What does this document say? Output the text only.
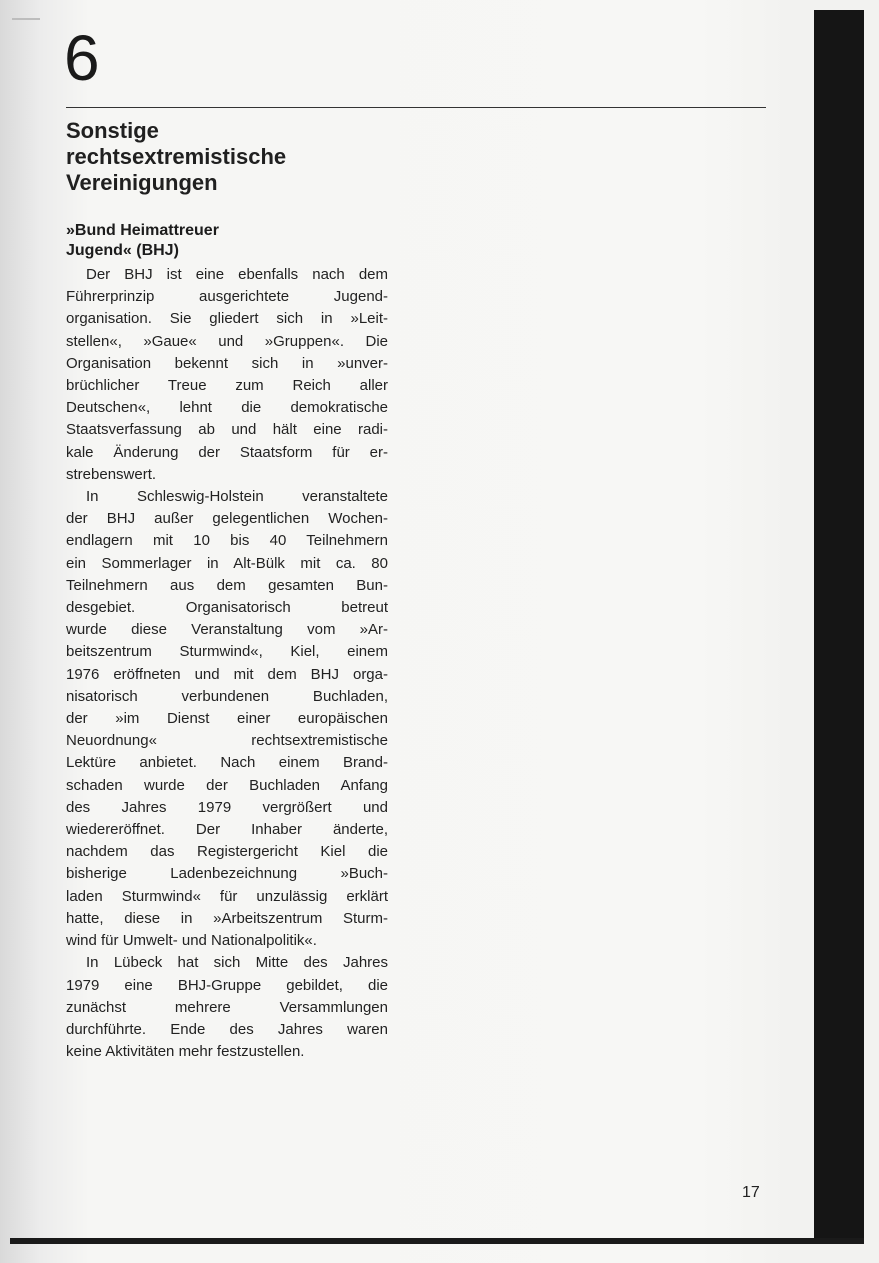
6
Sonstige
rechtsextremistische
Vereinigungen
»Bund Heimattreuer
Jugend« (BHJ)

Der BHJ ist eine ebenfalls nach dem
Führerprinzip ausgerichtete Jugend-
organisation. Sie gliedert sich in »Leit-
stellen«, »Gaue« und »Gruppen«. Die
Organisation bekennt sich in »unver-
brüchlicher Treue zum Reich aller
Deutschen«, lehnt die demokratische
Staatsverfassung ab und hält eine radi-
kale Änderung der Staatsform für er-
strebenswert.

In Schleswig-Holstein veranstaltete
der BHJ außer gelegentlichen Wochen-
endlagern mit 10 bis 40 Teilnehmern
ein Sommerlager in Alt-Bülk mit ca. 80
Teilnehmern aus dem gesamten Bun-
desgebiet. Organisatorisch betreut
wurde diese Veranstaltung vom »Ar-
beitszentrum Sturmwind«, Kiel, einem
1976 eröffneten und mit dem BHJ orga-
nisatorisch verbundenen Buchladen,
der »im Dienst einer europäischen
Neuordnung« rechtsextremistische
Lektüre anbietet. Nach einem Brand-
schaden wurde der Buchladen Anfang
des Jahres 1979 vergrößert und
wiedereröffnet. Der Inhaber änderte,
nachdem das Registergericht Kiel die
bisherige Ladenbezeichnung »Buch-
laden Sturmwind« für unzulässig erklärt
hatte, diese in »Arbeitszentrum Sturm-
wind für Umwelt- und Nationalpolitik«.

In Lübeck hat sich Mitte des Jahres
1979 eine BHJ-Gruppe gebildet, die
zunächst mehrere Versammlungen
durchführte. Ende des Jahres waren
keine Aktivitäten mehr festzustellen.

17
